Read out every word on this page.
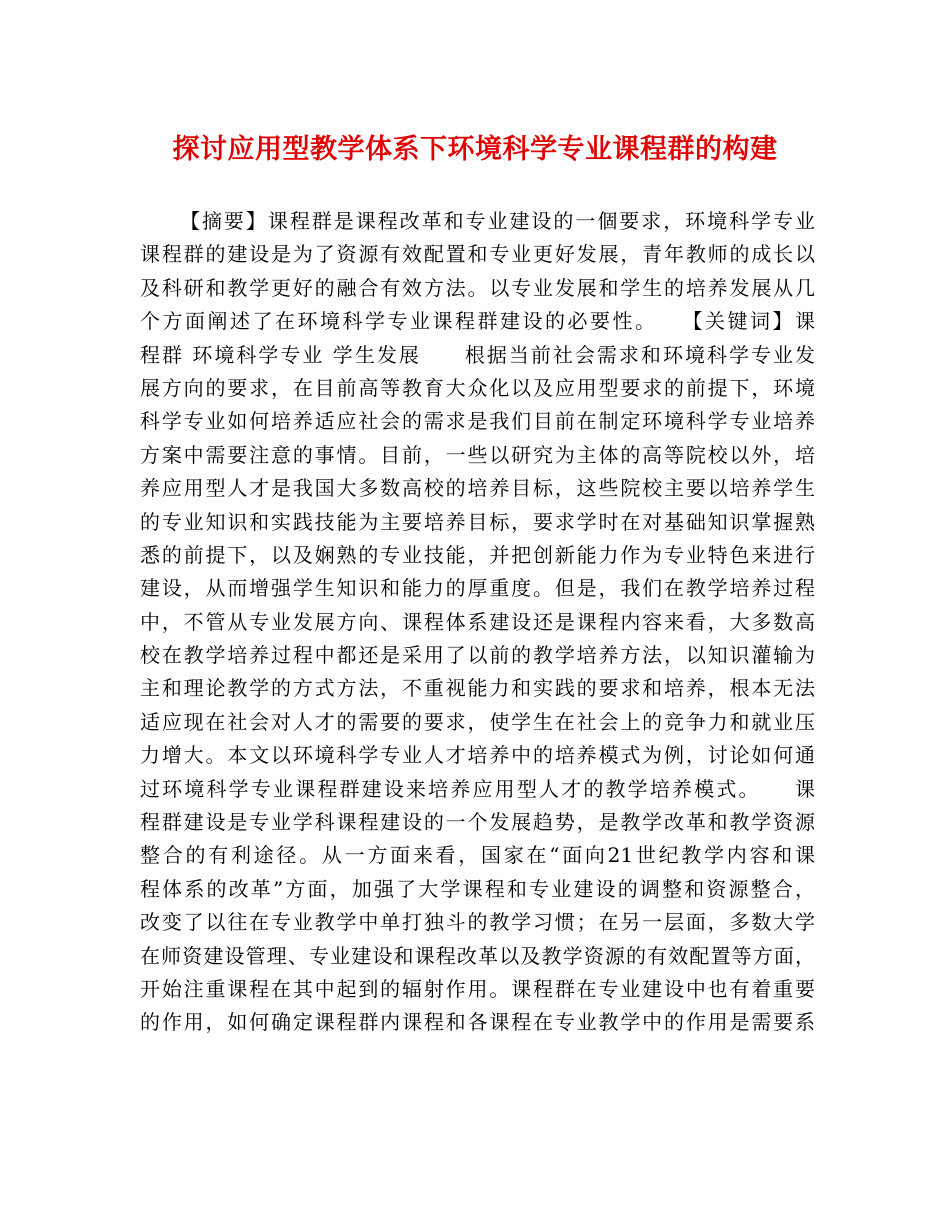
探讨应用型教学体系下环境科学专业课程群的构建
【摘要】课程群是课程改革和专业建设的一個要求，环境科学专业
课程群的建设是为了资源有效配置和专业更好发展，青年教师的成长以
及科研和教学更好的融合有效方法。以专业发展和学生的培养发展从几
个方面阐述了在环境科学专业课程群建设的必要性。　　【关键词】课
程群 环境科学专业 学生发展　　根据当前社会需求和环境科学专业发
展方向的要求，在目前高等教育大众化以及应用型要求的前提下，环境
科学专业如何培养适应社会的需求是我们目前在制定环境科学专业培养
方案中需要注意的事情。目前，一些以研究为主体的高等院校以外，培
养应用型人才是我国大多数高校的培养目标，这些院校主要以培养学生
的专业知识和实践技能为主要培养目标，要求学时在对基础知识掌握熟
悉的前提下，以及娴熟的专业技能，并把创新能力作为专业特色来进行
建设，从而增强学生知识和能力的厚重度。但是，我们在教学培养过程
中，不管从专业发展方向、课程体系建设还是课程内容来看，大多数高
校在教学培养过程中都还是采用了以前的教学培养方法，以知识灌输为
主和理论教学的方式方法，不重视能力和实践的要求和培养，根本无法
适应现在社会对人才的需要的要求，使学生在社会上的竞争力和就业压
力增大。本文以环境科学专业人才培养中的培养模式为例，讨论如何通
过环境科学专业课程群建设来培养应用型人才的教学培养模式。　　课
程群建设是专业学科课程建设的一个发展趋势，是教学改革和教学资源
整合的有利途径。从一方面来看，国家在“面向21世纪教学内容和课
程体系的改革”方面，加强了大学课程和专业建设的调整和资源整合，
改变了以往在专业教学中单打独斗的教学习惯；在另一层面，多数大学
在师资建设管理、专业建设和课程改革以及教学资源的有效配置等方面，
开始注重课程在其中起到的辐射作用。课程群在专业建设中也有着重要
的作用，如何确定课程群内课程和各课程在专业教学中的作用是需要系
